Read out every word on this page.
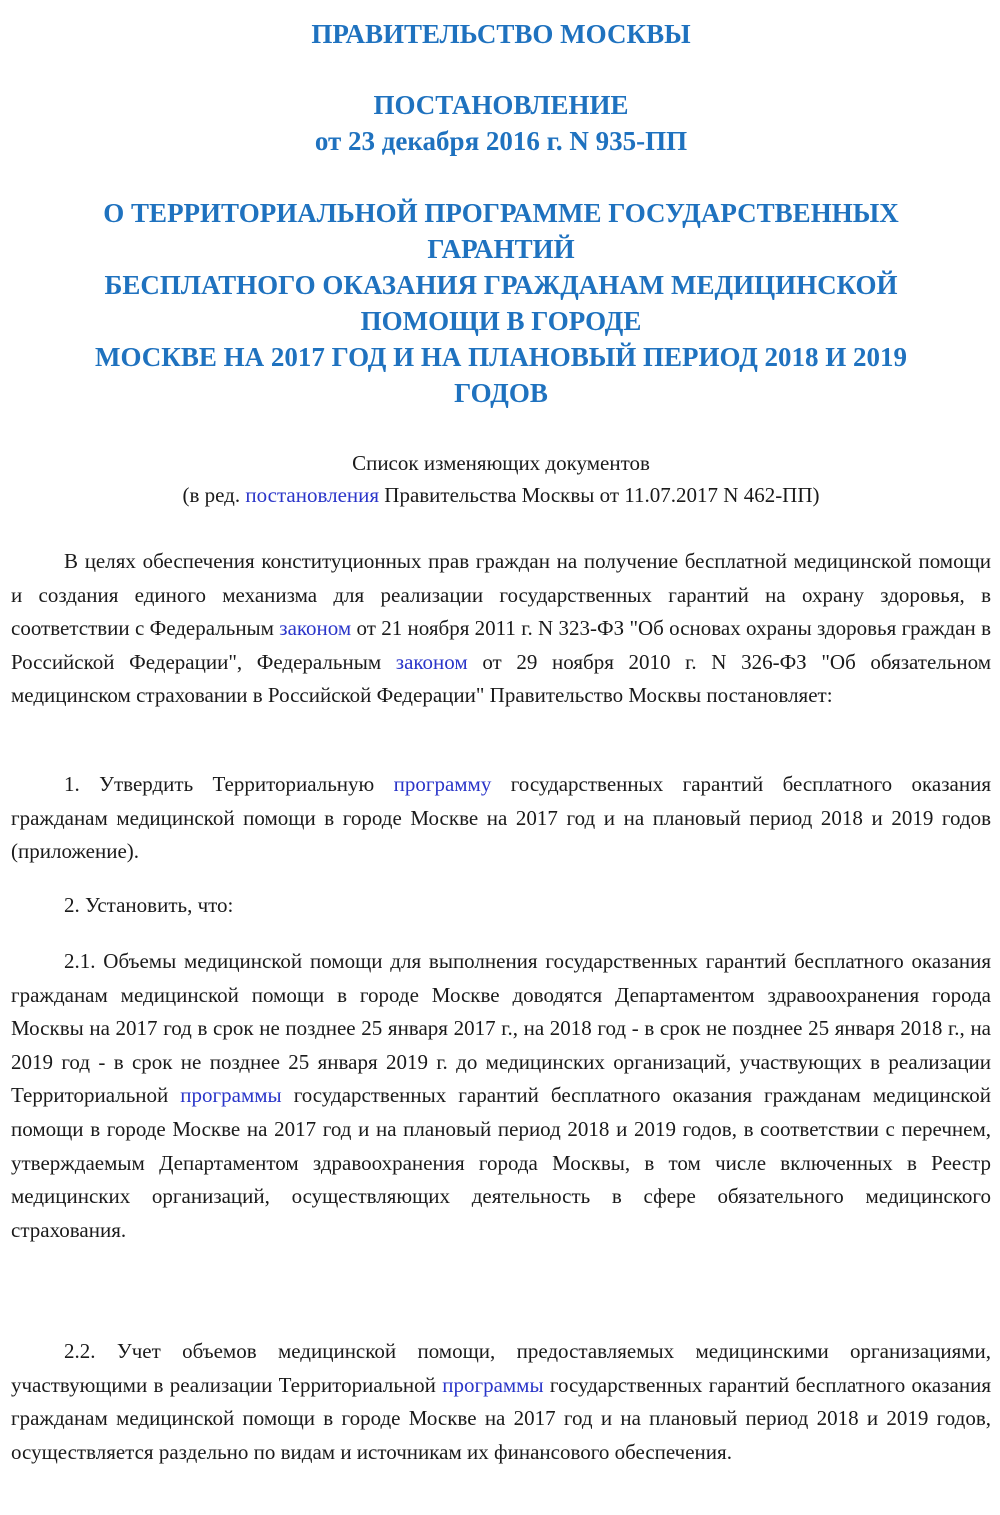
ПРАВИТЕЛЬСТВО МОСКВЫ

ПОСТАНОВЛЕНИЕ

от 23 декабря 2016 г. N 935-ПП

О ТЕРРИТОРИАЛЬНОЙ ПРОГРАММЕ ГОСУДАРСТВЕННЫХ

ГАРАНТИЙ

БЕСПЛАТНОГО ОКАЗАНИЯ ГРАЖДАНАМ МЕДИЦИНСКОЙ

ПОМОЩИ В ГОРОДЕ

МОСКВЕ НА 2017 ГОД И НА ПЛАНОВЫЙ ПЕРИОД 2018 И 2019

ГОДОВ

Список изменяющих документов
(в ред. постановления Правительства Москвы от 11.07.2017 N 462-ПП)

В целях обеспечения конституционных прав граждан на получение бесплатной медицинской помощи и создания единого механизма для реализации государственных гарантий на охрану здоровья, в соответствии с Федеральным законом от 21 ноября 2011 г. N 323-ФЗ "Об основах охраны здоровья граждан в Российской Федерации", Федеральным законом от 29 ноября 2010 г. N 326-ФЗ "Об обязательном медицинском страховании в Российской Федерации" Правительство Москвы постановляет:

1. Утвердить Территориальную программу государственных гарантий бесплатного оказания гражданам медицинской помощи в городе Москве на 2017 год и на плановый период 2018 и 2019 годов (приложение).

2. Установить, что:

2.1. Объемы медицинской помощи для выполнения государственных гарантий бесплатного оказания гражданам медицинской помощи в городе Москве доводятся Департаментом здравоохранения города Москвы на 2017 год в срок не позднее 25 января 2017 г., на 2018 год - в срок не позднее 25 января 2018 г., на 2019 год - в срок не позднее 25 января 2019 г. до медицинских организаций, участвующих в реализации Территориальной программы государственных гарантий бесплатного оказания гражданам медицинской помощи в городе Москве на 2017 год и на плановый период 2018 и 2019 годов, в соответствии с перечнем, утверждаемым Департаментом здравоохранения города Москвы, в том числе включенных в Реестр медицинских организаций, осуществляющих деятельность в сфере обязательного медицинского страхования.

2.2. Учет объемов медицинской помощи, предоставляемых медицинскими организациями, участвующими в реализации Территориальной программы государственных гарантий бесплатного оказания гражданам медицинской помощи в городе Москве на 2017 год и на плановый период 2018 и 2019 годов, осуществляется раздельно по видам и источникам их финансового обеспечения.
